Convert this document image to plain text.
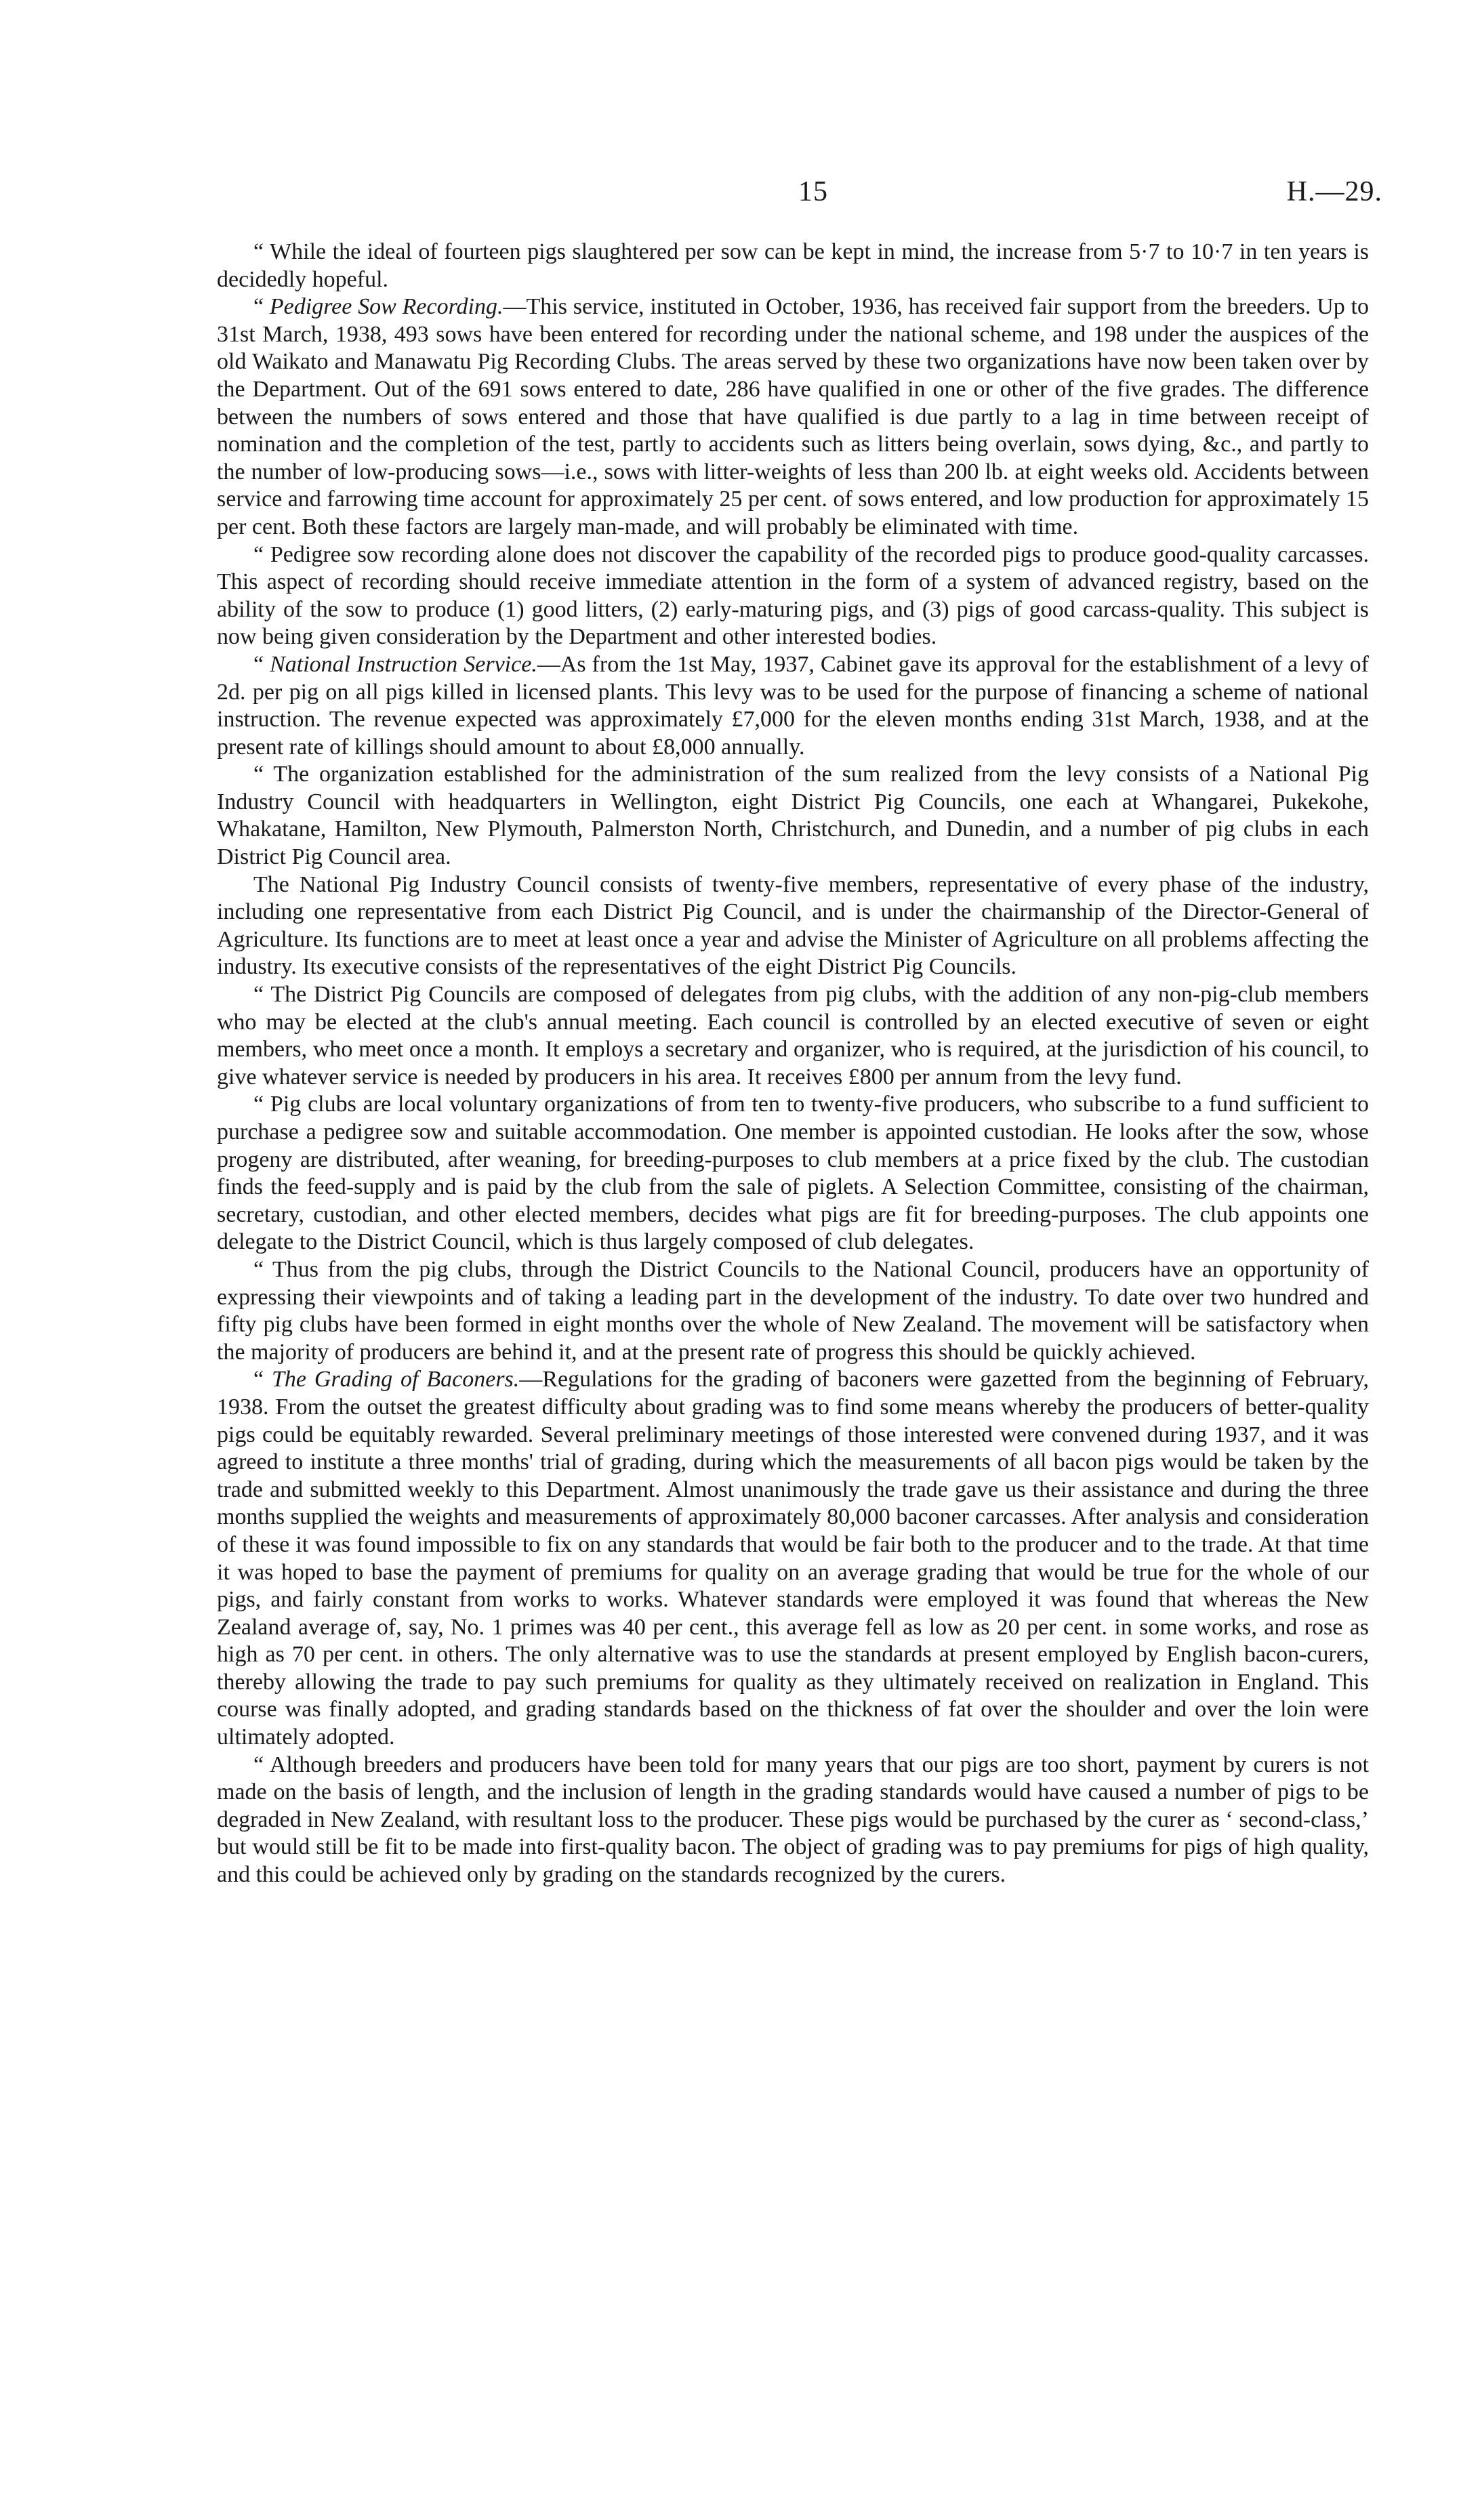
15	H.—29.

“ While the ideal of fourteen pigs slaughtered per sow can be kept in mind, the increase from 5·7 to 10·7 in ten years is decidedly hopeful.

“ Pedigree Sow Recording.—This service, instituted in October, 1936, has received fair support from the breeders. Up to 31st March, 1938, 493 sows have been entered for recording under the national scheme, and 198 under the auspices of the old Waikato and Manawatu Pig Recording Clubs. The areas served by these two organizations have now been taken over by the Department. Out of the 691 sows entered to date, 286 have qualified in one or other of the five grades. The difference between the numbers of sows entered and those that have qualified is due partly to a lag in time between receipt of nomination and the completion of the test, partly to accidents such as litters being overlain, sows dying, &c., and partly to the number of low-producing sows—i.e., sows with litter-weights of less than 200 lb. at eight weeks old. Accidents between service and farrowing time account for approximately 25 per cent. of sows entered, and low production for approximately 15 per cent. Both these factors are largely man-made, and will probably be eliminated with time.

“ Pedigree sow recording alone does not discover the capability of the recorded pigs to produce good-quality carcasses. This aspect of recording should receive immediate attention in the form of a system of advanced registry, based on the ability of the sow to produce (1) good litters, (2) early-maturing pigs, and (3) pigs of good carcass-quality. This subject is now being given consideration by the Department and other interested bodies.

“ National Instruction Service.—As from the 1st May, 1937, Cabinet gave its approval for the establishment of a levy of 2d. per pig on all pigs killed in licensed plants. This levy was to be used for the purpose of financing a scheme of national instruction. The revenue expected was approximately £7,000 for the eleven months ending 31st March, 1938, and at the present rate of killings should amount to about £8,000 annually.

“ The organization established for the administration of the sum realized from the levy consists of a National Pig Industry Council with headquarters in Wellington, eight District Pig Councils, one each at Whangarei, Pukekohe, Whakatane, Hamilton, New Plymouth, Palmerston North, Christchurch, and Dunedin, and a number of pig clubs in each District Pig Council area.

The National Pig Industry Council consists of twenty-five members, representative of every phase of the industry, including one representative from each District Pig Council, and is under the chairmanship of the Director-General of Agriculture. Its functions are to meet at least once a year and advise the Minister of Agriculture on all problems affecting the industry. Its executive consists of the representatives of the eight District Pig Councils.

“ The District Pig Councils are composed of delegates from pig clubs, with the addition of any non-pig-club members who may be elected at the club's annual meeting. Each council is controlled by an elected executive of seven or eight members, who meet once a month. It employs a secretary and organizer, who is required, at the jurisdiction of his council, to give whatever service is needed by producers in his area. It receives £800 per annum from the levy fund.

“ Pig clubs are local voluntary organizations of from ten to twenty-five producers, who subscribe to a fund sufficient to purchase a pedigree sow and suitable accommodation. One member is appointed custodian. He looks after the sow, whose progeny are distributed, after weaning, for breeding-purposes to club members at a price fixed by the club. The custodian finds the feed-supply and is paid by the club from the sale of piglets. A Selection Committee, consisting of the chairman, secretary, custodian, and other elected members, decides what pigs are fit for breeding-purposes. The club appoints one delegate to the District Council, which is thus largely composed of club delegates.

“ Thus from the pig clubs, through the District Councils to the National Council, producers have an opportunity of expressing their viewpoints and of taking a leading part in the development of the industry. To date over two hundred and fifty pig clubs have been formed in eight months over the whole of New Zealand. The movement will be satisfactory when the majority of producers are behind it, and at the present rate of progress this should be quickly achieved.

“ The Grading of Baconers.—Regulations for the grading of baconers were gazetted from the beginning of February, 1938. From the outset the greatest difficulty about grading was to find some means whereby the producers of better-quality pigs could be equitably rewarded. Several preliminary meetings of those interested were convened during 1937, and it was agreed to institute a three months' trial of grading, during which the measurements of all bacon pigs would be taken by the trade and submitted weekly to this Department. Almost unanimously the trade gave us their assistance and during the three months supplied the weights and measurements of approximately 80,000 baconer carcasses. After analysis and consideration of these it was found impossible to fix on any standards that would be fair both to the producer and to the trade. At that time it was hoped to base the payment of premiums for quality on an average grading that would be true for the whole of our pigs, and fairly constant from works to works. Whatever standards were employed it was found that whereas the New Zealand average of, say, No. 1 primes was 40 per cent., this average fell as low as 20 per cent. in some works, and rose as high as 70 per cent. in others. The only alternative was to use the standards at present employed by English bacon-curers, thereby allowing the trade to pay such premiums for quality as they ultimately received on realization in England. This course was finally adopted, and grading standards based on the thickness of fat over the shoulder and over the loin were ultimately adopted.

“ Although breeders and producers have been told for many years that our pigs are too short, payment by curers is not made on the basis of length, and the inclusion of length in the grading standards would have caused a number of pigs to be degraded in New Zealand, with resultant loss to the producer. These pigs would be purchased by the curer as ‘ second-class,’ but would still be fit to be made into first-quality bacon. The object of grading was to pay premiums for pigs of high quality, and this could be achieved only by grading on the standards recognized by the curers.
